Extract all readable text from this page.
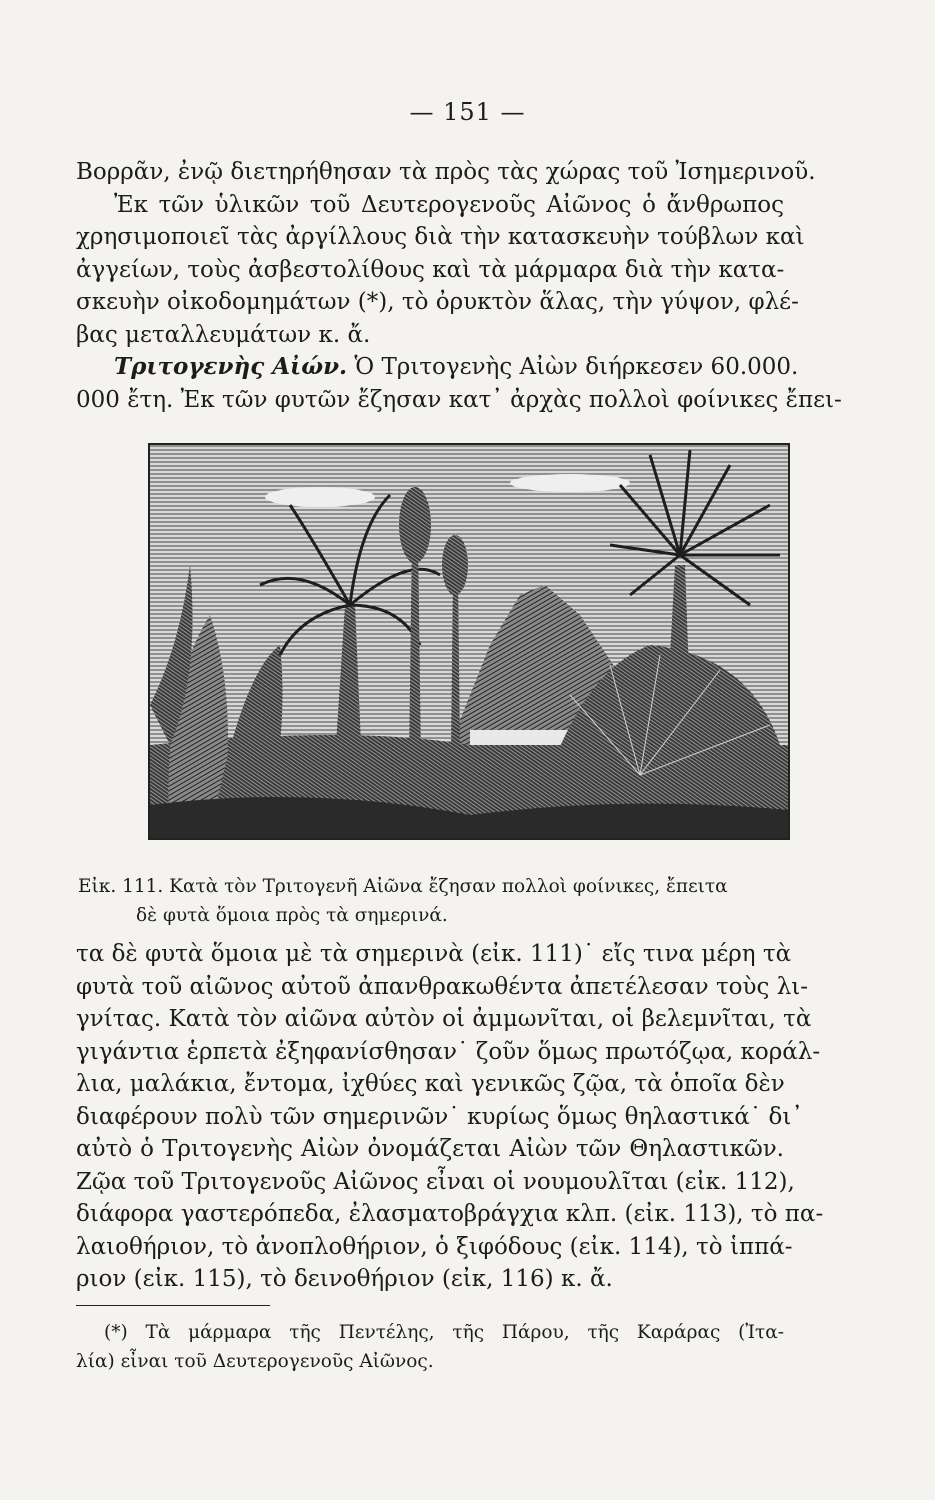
— 151 —
Βορρᾶν, ἐνῷ διετηρήθησαν τὰ πρὸς τὰς χώρας τοῦ Ἰσημερινοῦ.
Ἐκ τῶν ὑλικῶν τοῦ Δευτερογενοῦς Αἰῶνος ὁ ἄνθρωπος
χρησιμοποιεῖ τὰς ἀργίλλους διὰ τὴν κατασκευὴν τούβλων καὶ
ἀγγείων, τοὺς ἀσβεστολίθους καὶ τὰ μάρμαρα διὰ τὴν κατα-
σκευὴν οἰκοδομημάτων (*), τὸ ὀρυκτὸν ἅλας, τὴν γύψον, φλέ-
βας μεταλλευμάτων κ. ἄ.
Τριτογενὴς Αἰών. Ὁ Τριτογενὴς Αἰὼν διήρκεσεν 60.000.
000 ἔτη. Ἐκ τῶν φυτῶν ἔζησαν κατ᾽ ἀρχὰς πολλοὶ φοίνικες ἔπει-
Εἰκ. 111. Κατὰ τὸν Τριτογενῆ Αἰῶνα ἔζησαν πολλοὶ φοίνικες, ἔπειτα
δὲ φυτὰ ὅμοια πρὸς τὰ σημερινά.
τα δὲ φυτὰ ὅμοια μὲ τὰ σημερινὰ (εἰκ. 111)˙ εἴς τινα μέρη τὰ
φυτὰ τοῦ αἰῶνος αὐτοῦ ἀπανθρακωθέντα ἀπετέλεσαν τοὺς λι-
γνίτας. Κατὰ τὸν αἰῶνα αὐτὸν οἱ ἀμμωνῖται, οἱ βελεμνῖται, τὰ
γιγάντια ἑρπετὰ ἐξηφανίσθησαν˙ ζοῦν ὅμως πρωτόζῳα, κοράλ-
λια, μαλάκια, ἔντομα, ἰχθύες καὶ γενικῶς ζῷα, τὰ ὁποῖα δὲν
διαφέρουν πολὺ τῶν σημερινῶν˙ κυρίως ὅμως θηλαστικά˙ δι᾽
αὐτὸ ὁ Τριτογενὴς Αἰὼν ὀνομάζεται Αἰὼν τῶν Θηλαστικῶν.
Ζῷα τοῦ Τριτογενοῦς Αἰῶνος εἶναι οἱ νουμουλῖται (εἰκ. 112),
διάφορα γαστερόπεδα, ἐλασματοβράγχια κλπ. (εἰκ. 113), τὸ πα-
λαιοθήριον, τὸ ἀνοπλοθήριον, ὁ ξιφόδους (εἰκ. 114), τὸ ἱππά-
ριον (εἰκ. 115), τὸ δεινοθήριον (εἰκ, 116) κ. ἄ.
(*) Τὰ μάρμαρα τῆς Πεντέλης, τῆς Πάρου, τῆς Καράρας (Ἰτα-
λία) εἶναι τοῦ Δευτερογενοῦς Αἰῶνος.
